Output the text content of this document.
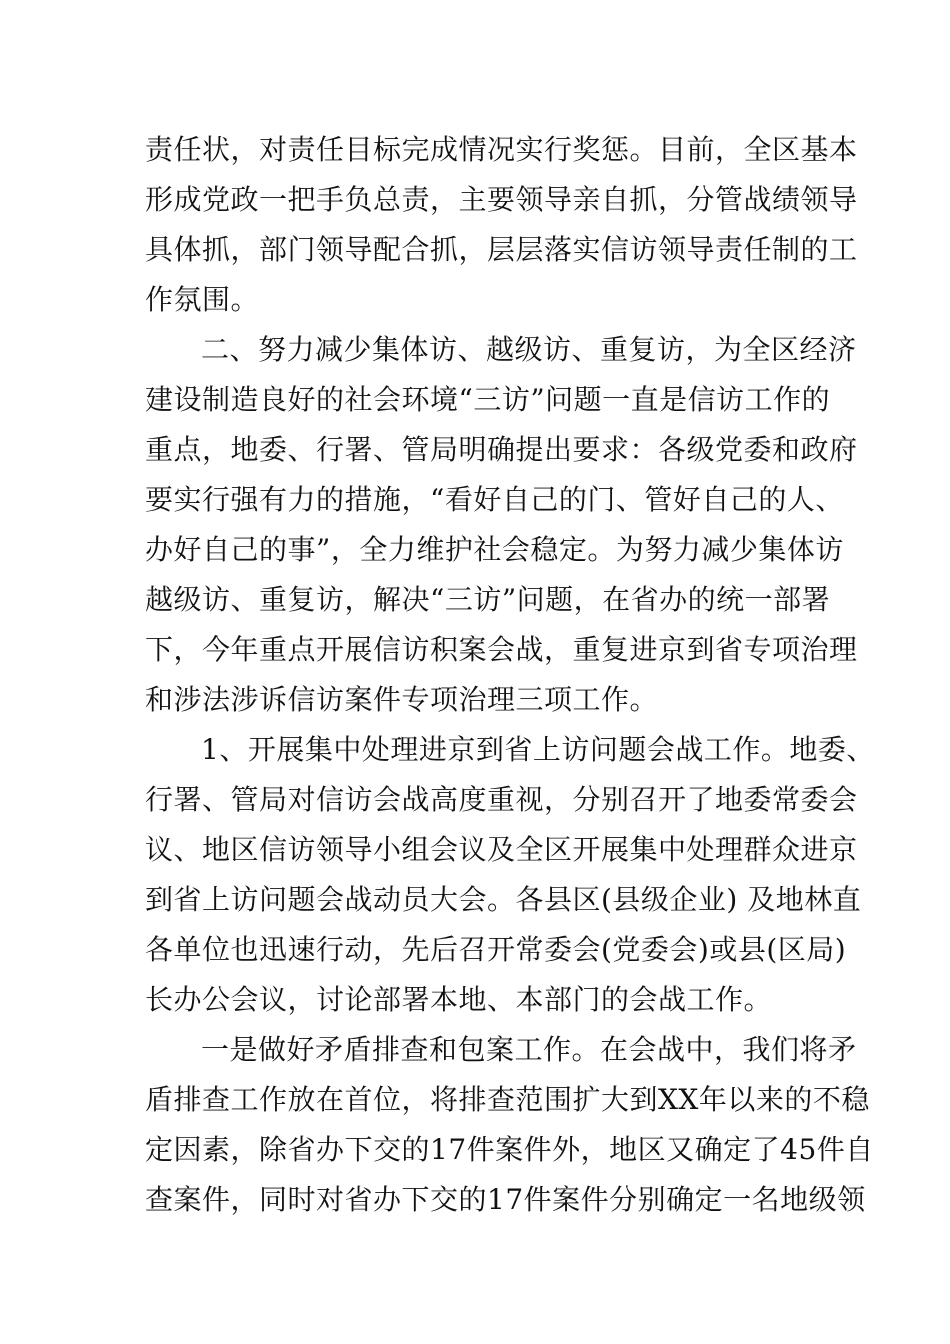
责任状，对责任目标完成情况实行奖惩。目前，全区基本
形成党政一把手负总责，主要领导亲自抓，分管战绩领导
具体抓，部门领导配合抓，层层落实信访领导责任制的工
作氛围。

二、努力减少集体访、越级访、重复访，为全区经济
建设制造良好的社会环境“三访”问题一直是信访工作的
重点，地委、行署、管局明确提出要求：各级党委和政府
要实行强有力的措施，“看好自己的门、管好自己的人、
办好自己的事”，全力维护社会稳定。为努力减少集体访
越级访、重复访，解决“三访”问题，在省办的统一部署
下，今年重点开展信访积案会战，重复进京到省专项治理
和涉法涉诉信访案件专项治理三项工作。

1、开展集中处理进京到省上访问题会战工作。地委、
行署、管局对信访会战高度重视，分别召开了地委常委会
议、地区信访领导小组会议及全区开展集中处理群众进京
到省上访问题会战动员大会。各县区(县级企业) 及地林直
各单位也迅速行动，先后召开常委会(党委会)或县(区局)
长办公会议，讨论部署本地、本部门的会战工作。

一是做好矛盾排查和包案工作。在会战中，我们将矛
盾排查工作放在首位，将排查范围扩大到XX年以来的不稳
定因素，除省办下交的17件案件外，地区又确定了45件自
查案件，同时对省办下交的17件案件分别确定一名地级领
